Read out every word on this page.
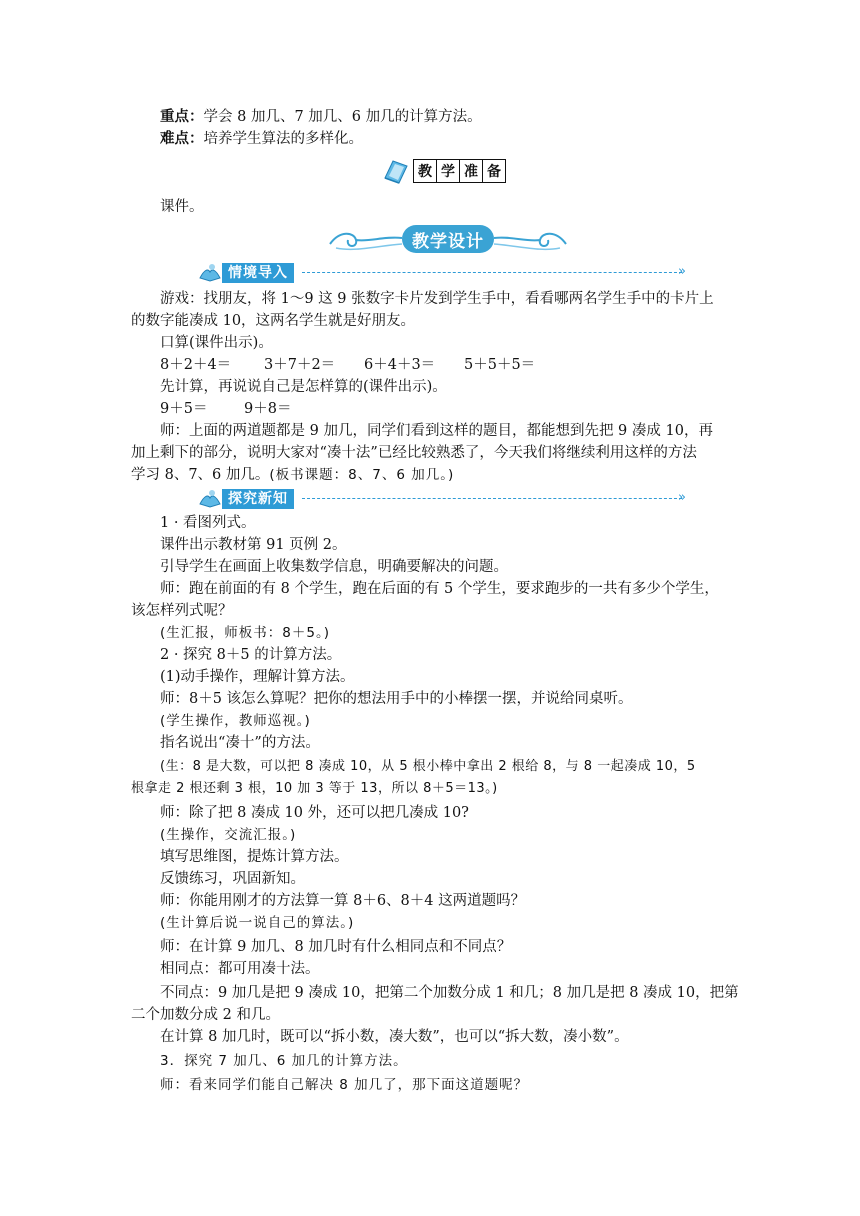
重点：学会 8 加几、7 加几、6 加几的计算方法。
难点：培养学生算法的多样化。
教 学 准 备
课件。
教学设计
情境导入	»
游戏：找朋友，将 1～9 这 9 张数字卡片发到学生手中，看看哪两名学生手中的卡片上
的数字能凑成 10，这两名学生就是好朋友。
口算(课件出示)。
8＋2＋4＝ 3＋7＋2＝ 6＋4＋3＝ 5＋5＋5＝
先计算，再说说自己是怎样算的(课件出示)。
9＋5＝	9＋8＝
师：上面的两道题都是 9 加几，同学们看到这样的题目，都能想到先把 9 凑成 10，再
加上剩下的部分，说明大家对“凑十法”已经比较熟悉了，今天我们将继续利用这样的方法
学习 8、7、6 加几。(板书课题：8、7、6 加几。)
探究新知	»
1 · 看图列式。
课件出示教材第 91 页例 2。
引导学生在画面上收集数学信息，明确要解决的问题。
师：跑在前面的有 8 个学生，跑在后面的有 5 个学生，要求跑步的一共有多少个学生，
该怎样列式呢？
(生汇报，师板书：8＋5。)
2 · 探究 8＋5 的计算方法。
(1)动手操作，理解计算方法。
师：8＋5 该怎么算呢？把你的想法用手中的小棒摆一摆，并说给同桌听。
(学生操作，教师巡视。)
指名说出“凑十”的方法。
(生：8 是大数，可以把 8 凑成 10，从 5 根小棒中拿出 2 根给 8，与 8 一起凑成 10，5
根拿走 2 根还剩 3 根，10 加 3 等于 13，所以 8＋5＝13。)
师：除了把 8 凑成 10 外，还可以把几凑成 10?
(生操作，交流汇报。)
填写思维图，提炼计算方法。
反馈练习，巩固新知。
师：你能用刚才的方法算一算 8＋6、8＋4 这两道题吗？
(生计算后说一说自己的算法。)
师：在计算 9 加几、8 加几时有什么相同点和不同点？
相同点：都可用凑十法。
不同点：9 加几是把 9 凑成 10，把第二个加数分成 1 和几；8 加几是把 8 凑成 10，把第
二个加数分成 2 和几。
在计算 8 加几时，既可以“拆小数，凑大数”，也可以“拆大数，凑小数”。
3．探究 7 加几、6 加几的计算方法。
师：看来同学们能自己解决 8 加几了，那下面这道题呢？
